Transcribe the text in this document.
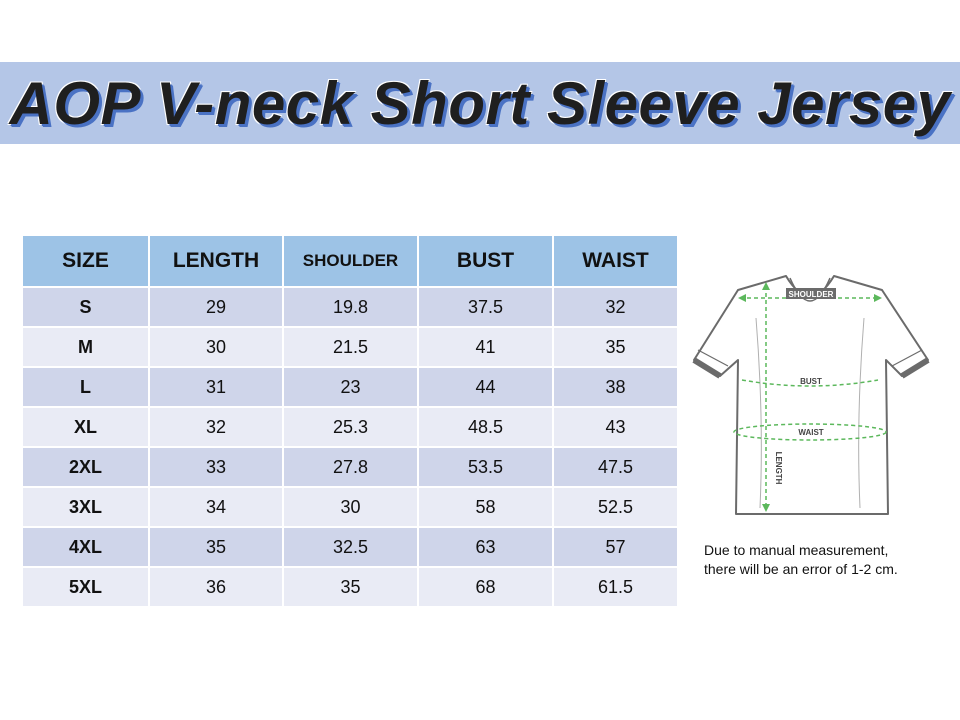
AOP V-neck Short Sleeve Jersey
SIZE	LENGTH	SHOULDER	BUST	WAIST
S	29	19.8	37.5	32
M	30	21.5	41	35
L	31	23	44	38
XL	32	25.3	48.5	43
2XL	33	27.8	53.5	47.5
3XL	34	30	58	52.5
4XL	35	32.5	63	57
5XL	36	35	68	61.5
SHOULDER
BUST
WAIST
LENGTH
Due to manual measurement,
there will be an error of 1-2 cm.
